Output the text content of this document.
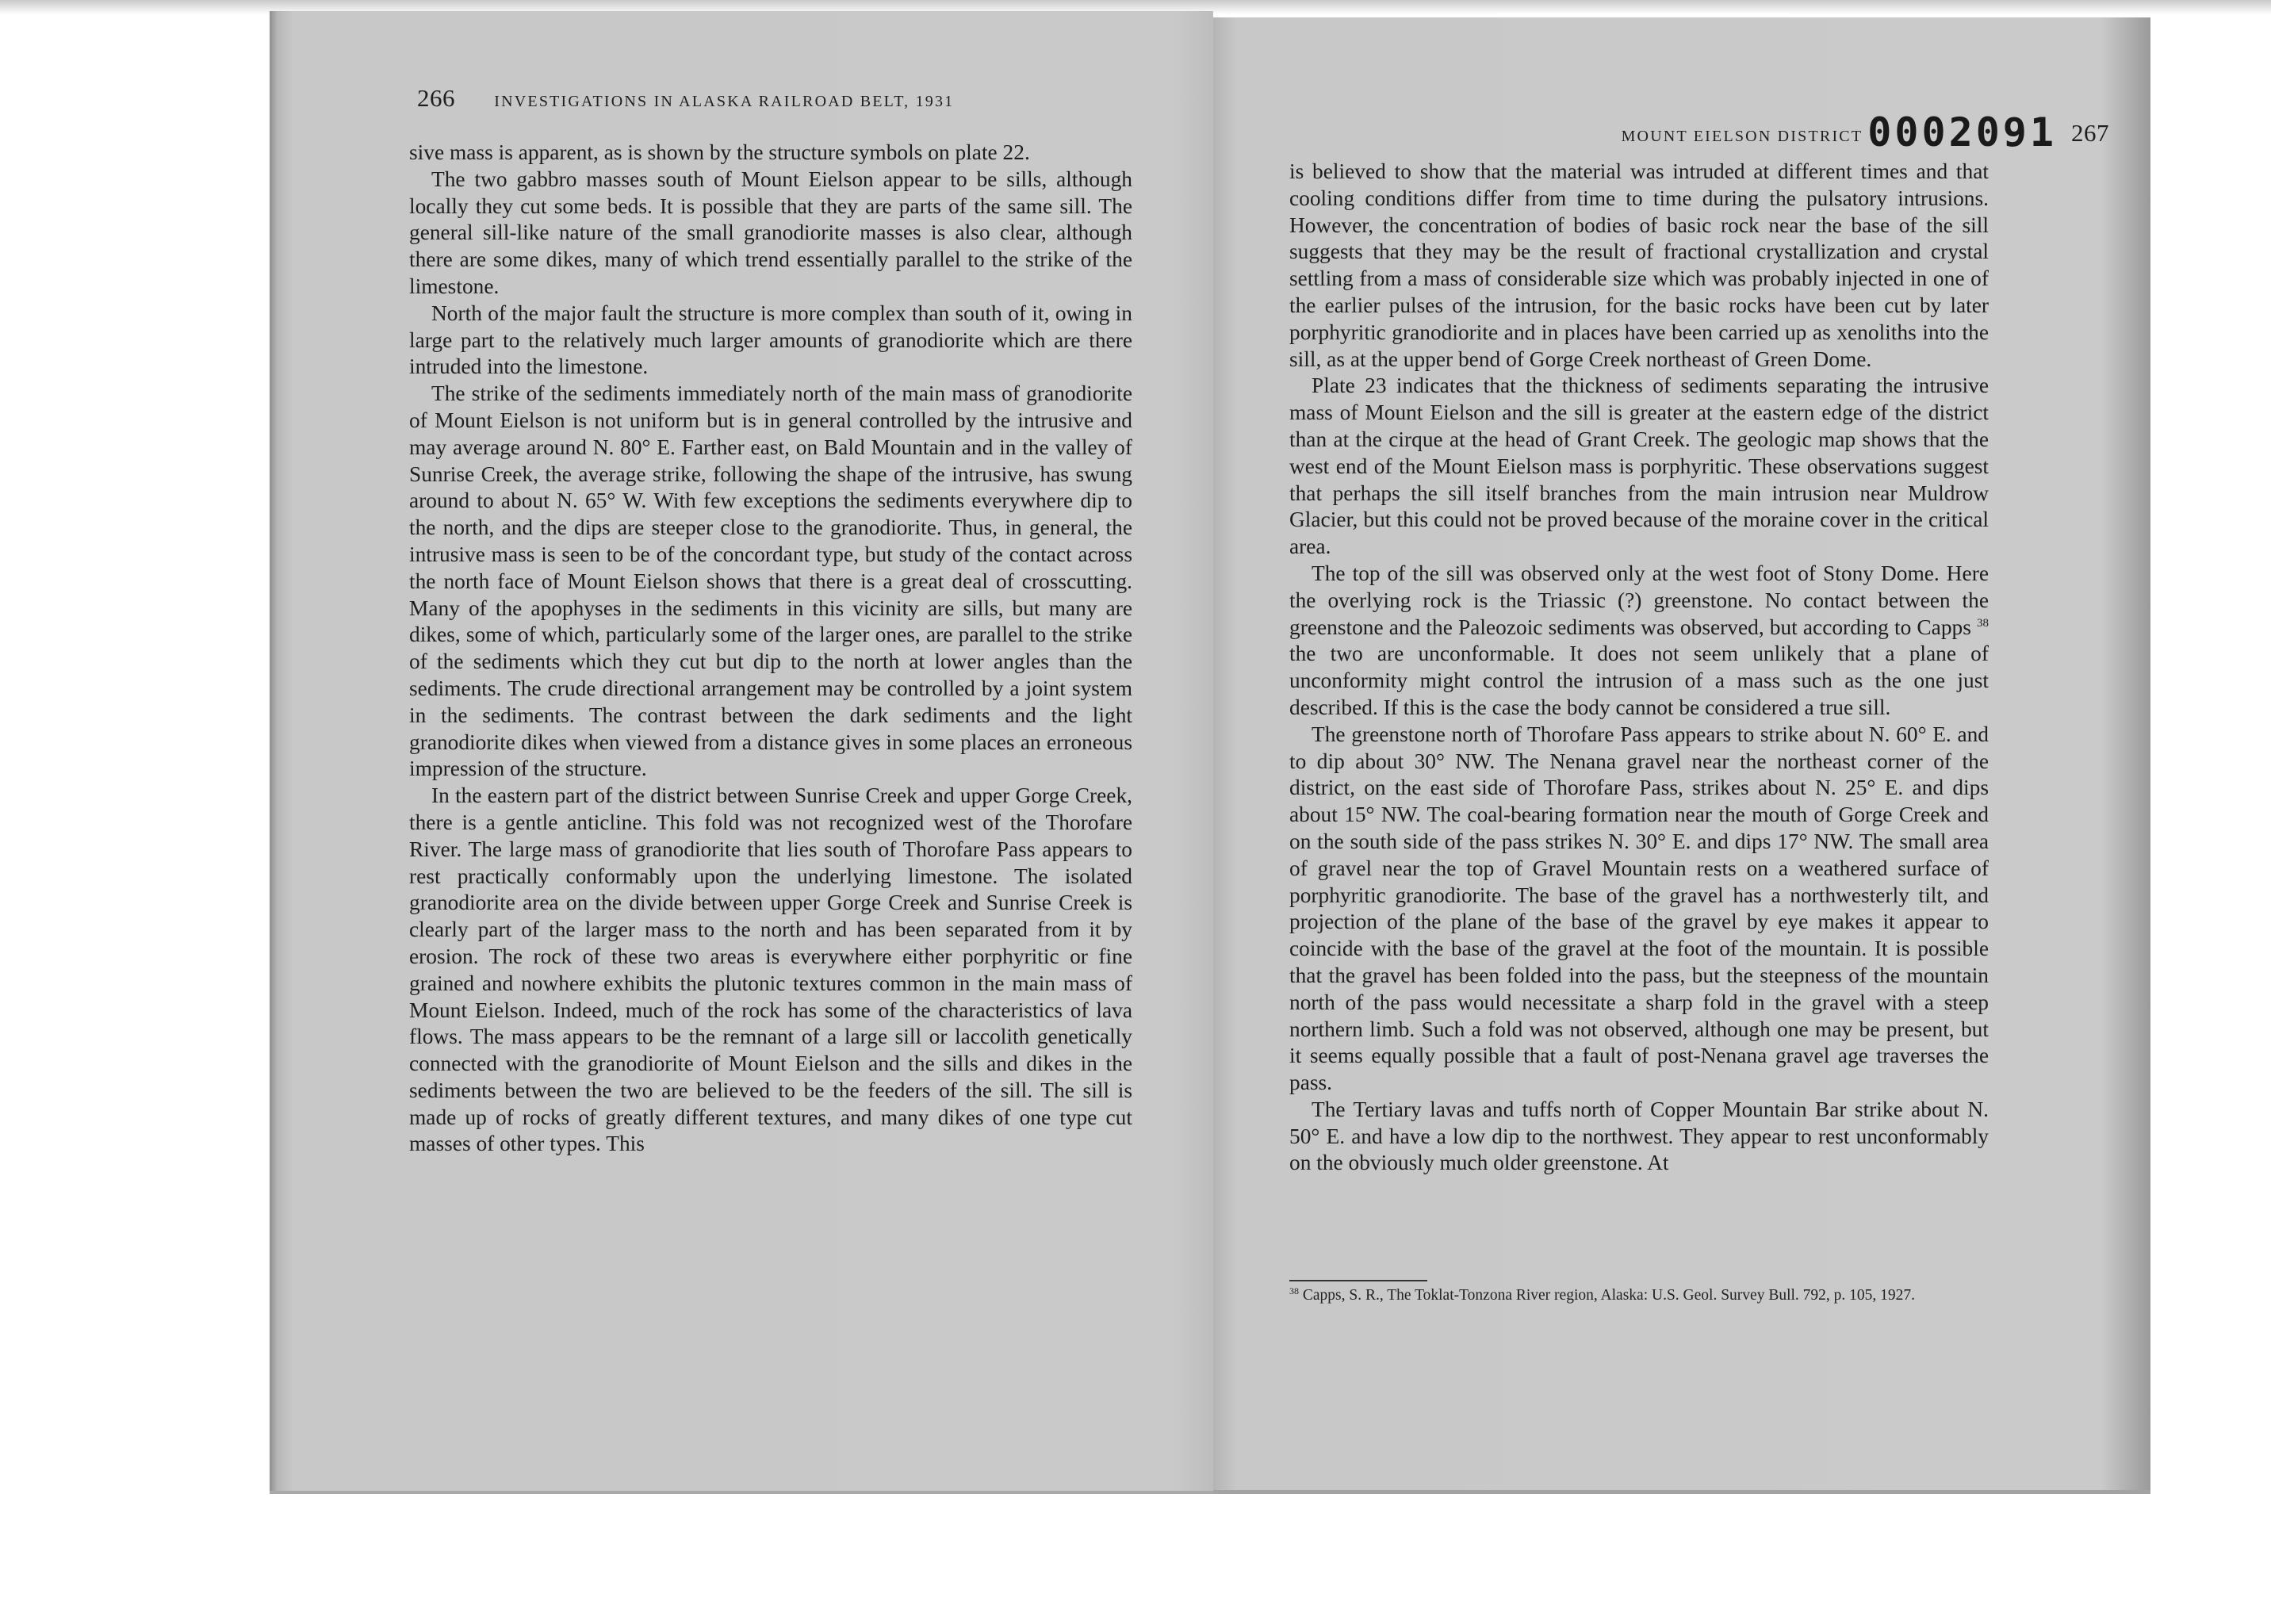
266 INVESTIGATIONS IN ALASKA RAILROAD BELT, 1931

sive mass is apparent, as is shown by the structure symbols on plate 22.

The two gabbro masses south of Mount Eielson appear to be sills, although locally they cut some beds. It is possible that they are parts of the same sill. The general sill-like nature of the small granodiorite masses is also clear, although there are some dikes, many of which trend essentially parallel to the strike of the limestone.

North of the major fault the structure is more complex than south of it, owing in large part to the relatively much larger amounts of granodiorite which are there intruded into the limestone.

The strike of the sediments immediately north of the main mass of granodiorite of Mount Eielson is not uniform but is in general controlled by the intrusive and may average around N. 80° E. Farther east, on Bald Mountain and in the valley of Sunrise Creek, the average strike, following the shape of the intrusive, has swung around to about N. 65° W. With few exceptions the sediments everywhere dip to the north, and the dips are steeper close to the granodiorite. Thus, in general, the intrusive mass is seen to be of the concordant type, but study of the contact across the north face of Mount Eielson shows that there is a great deal of crosscutting. Many of the apophyses in the sediments in this vicinity are sills, but many are dikes, some of which, particularly some of the larger ones, are parallel to the strike of the sediments which they cut but dip to the north at lower angles than the sediments. The crude directional arrangement may be controlled by a joint system in the sediments. The contrast between the dark sediments and the light granodiorite dikes when viewed from a distance gives in some places an erroneous impression of the structure.

In the eastern part of the district between Sunrise Creek and upper Gorge Creek, there is a gentle anticline. This fold was not recognized west of the Thorofare River. The large mass of granodiorite that lies south of Thorofare Pass appears to rest practically conformably upon the underlying limestone. The isolated granodiorite area on the divide between upper Gorge Creek and Sunrise Creek is clearly part of the larger mass to the north and has been separated from it by erosion. The rock of these two areas is everywhere either porphyritic or fine grained and nowhere exhibits the plutonic textures common in the main mass of Mount Eielson. Indeed, much of the rock has some of the characteristics of lava flows. The mass appears to be the remnant of a large sill or laccolith genetically connected with the granodiorite of Mount Eielson and the sills and dikes in the sediments between the two are believed to be the feeders of the sill. The sill is made up of rocks of greatly different textures, and many dikes of one type cut masses of other types. This

MOUNT EIELSON DISTRICT 0002091 267

is believed to show that the material was intruded at different times and that cooling conditions differ from time to time during the pulsatory intrusions. However, the concentration of bodies of basic rock near the base of the sill suggests that they may be the result of fractional crystallization and crystal settling from a mass of considerable size which was probably injected in one of the earlier pulses of the intrusion, for the basic rocks have been cut by later porphyritic granodiorite and in places have been carried up as xenoliths into the sill, as at the upper bend of Gorge Creek northeast of Green Dome.

Plate 23 indicates that the thickness of sediments separating the intrusive mass of Mount Eielson and the sill is greater at the eastern edge of the district than at the cirque at the head of Grant Creek. The geologic map shows that the west end of the Mount Eielson mass is porphyritic. These observations suggest that perhaps the sill itself branches from the main intrusion near Muldrow Glacier, but this could not be proved because of the moraine cover in the critical area.

The top of the sill was observed only at the west foot of Stony Dome. Here the overlying rock is the Triassic (?) greenstone. No contact between the greenstone and the Paleozoic sediments was observed, but according to Capps $^{38}$ the two are unconformable. It does not seem unlikely that a plane of unconformity might control the intrusion of a mass such as the one just described. If this is the case the body cannot be considered a true sill.

The greenstone north of Thorofare Pass appears to strike about N. 60° E. and to dip about 30° NW. The Nenana gravel near the northeast corner of the district, on the east side of Thorofare Pass, strikes about N. 25° E. and dips about 15° NW. The coal-bearing formation near the mouth of Gorge Creek and on the south side of the pass strikes N. 30° E. and dips 17° NW. The small area of gravel near the top of Gravel Mountain rests on a weathered surface of porphyritic granodiorite. The base of the gravel has a northwesterly tilt, and projection of the plane of the base of the gravel by eye makes it appear to coincide with the base of the gravel at the foot of the mountain. It is possible that the gravel has been folded into the pass, but the steepness of the mountain north of the pass would necessitate a sharp fold in the gravel with a steep northern limb. Such a fold was not observed, although one may be present, but it seems equally possible that a fault of post-Nenana gravel age traverses the pass.

The Tertiary lavas and tuffs north of Copper Mountain Bar strike about N. 50° E. and have a low dip to the northwest. They appear to rest unconformably on the obviously much older greenstone. At

$^{38}$ Capps, S. R., The Toklat-Tonzona River region, Alaska: U.S. Geol. Survey Bull. 792, p. 105, 1927.
